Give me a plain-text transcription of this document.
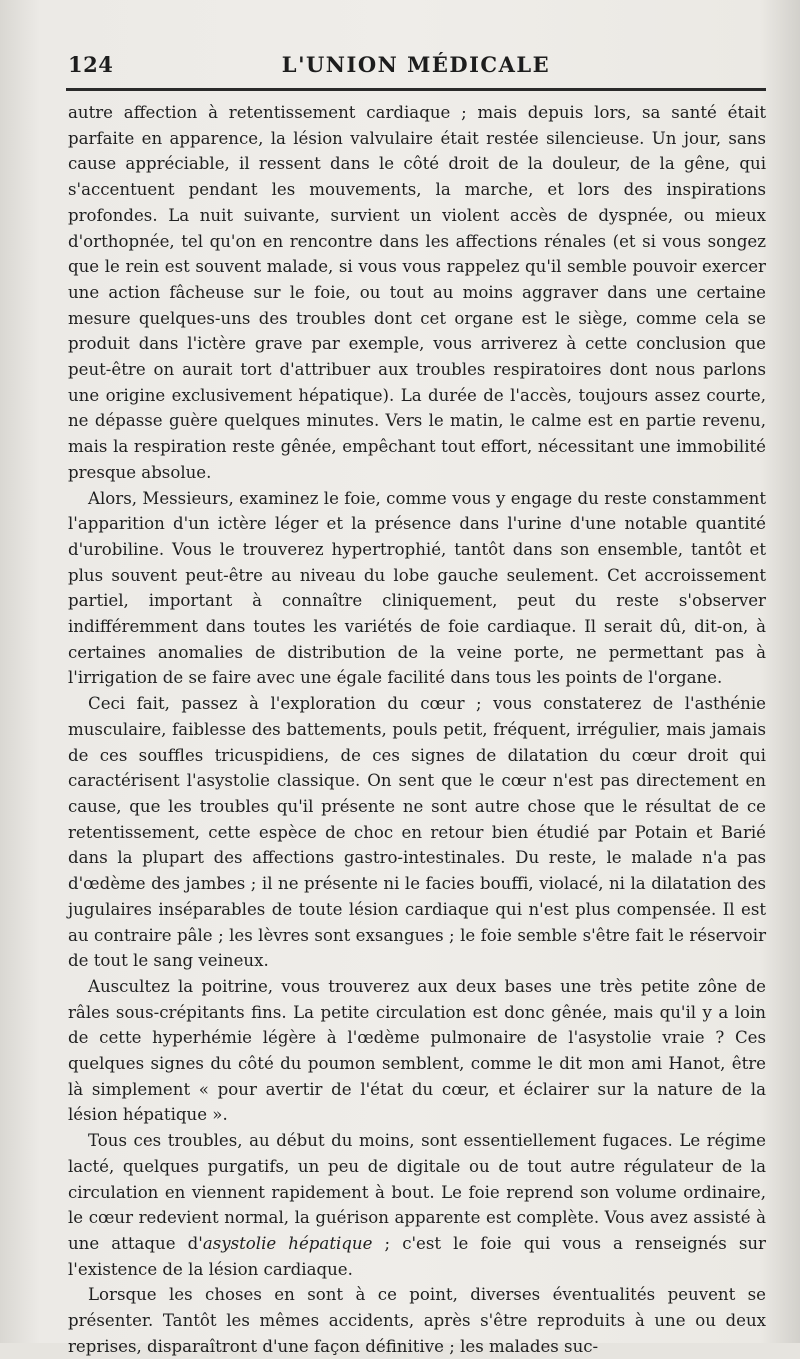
124	L'UNION MÉDICALE

autre affection à retentissement cardiaque ; mais depuis lors, sa santé était parfaite en apparence, la lésion valvulaire était restée silencieuse. Un jour, sans cause appréciable, il ressent dans le côté droit de la douleur, de la gêne, qui s'accentuent pendant les mouvements, la marche, et lors des inspirations profondes. La nuit suivante, survient un violent accès de dyspnée, ou mieux d'orthopnée, tel qu'on en rencontre dans les affections rénales (et si vous songez que le rein est souvent malade, si vous vous rappelez qu'il semble pouvoir exercer une action fâcheuse sur le foie, ou tout au moins aggraver dans une certaine mesure quelques-uns des troubles dont cet organe est le siège, comme cela se produit dans l'ictère grave par exemple, vous arriverez à cette conclusion que peut-être on aurait tort d'attribuer aux troubles respiratoires dont nous parlons une origine exclusivement hépatique). La durée de l'accès, toujours assez courte, ne dépasse guère quelques minutes. Vers le matin, le calme est en partie revenu, mais la respiration reste gênée, empêchant tout effort, nécessitant une immobilité presque absolue.

Alors, Messieurs, examinez le foie, comme vous y engage du reste constamment l'apparition d'un ictère léger et la présence dans l'urine d'une notable quantité d'urobiline. Vous le trouverez hypertrophié, tantôt dans son ensemble, tantôt et plus souvent peut-être au niveau du lobe gauche seulement. Cet accroissement partiel, important à connaître cliniquement, peut du reste s'observer indifféremment dans toutes les variétés de foie cardiaque. Il serait dû, dit-on, à certaines anomalies de distribution de la veine porte, ne permettant pas à l'irrigation de se faire avec une égale facilité dans tous les points de l'organe.

Ceci fait, passez à l'exploration du cœur ; vous constaterez de l'asthénie musculaire, faiblesse des battements, pouls petit, fréquent, irrégulier, mais jamais de ces souffles tricuspidiens, de ces signes de dilatation du cœur droit qui caractérisent l'asystolie classique. On sent que le cœur n'est pas directement en cause, que les troubles qu'il présente ne sont autre chose que le résultat de ce retentissement, cette espèce de choc en retour bien étudié par Potain et Barié dans la plupart des affections gastro-intestinales. Du reste, le malade n'a pas d'œdème des jambes ; il ne présente ni le facies bouffi, violacé, ni la dilatation des jugulaires inséparables de toute lésion cardiaque qui n'est plus compensée. Il est au contraire pâle ; les lèvres sont exsangues ; le foie semble s'être fait le réservoir de tout le sang veineux.

Auscultez la poitrine, vous trouverez aux deux bases une très petite zône de râles sous-crépitants fins. La petite circulation est donc gênée, mais qu'il y a loin de cette hyperhémie légère à l'œdème pulmonaire de l'asystolie vraie ? Ces quelques signes du côté du poumon semblent, comme le dit mon ami Hanot, être là simplement « pour avertir de l'état du cœur, et éclairer sur la nature de la lésion hépatique ».

Tous ces troubles, au début du moins, sont essentiellement fugaces. Le régime lacté, quelques purgatifs, un peu de digitale ou de tout autre régulateur de la circulation en viennent rapidement à bout. Le foie reprend son volume ordinaire, le cœur redevient normal, la guérison apparente est complète. Vous avez assisté à une attaque d'asystolie hépatique ; c'est le foie qui vous a renseignés sur l'existence de la lésion cardiaque.

Lorsque les choses en sont à ce point, diverses éventualités peuvent se présenter. Tantôt les mêmes accidents, après s'être reproduits à une ou deux reprises, disparaîtront d'une façon définitive ; les malades suc-
